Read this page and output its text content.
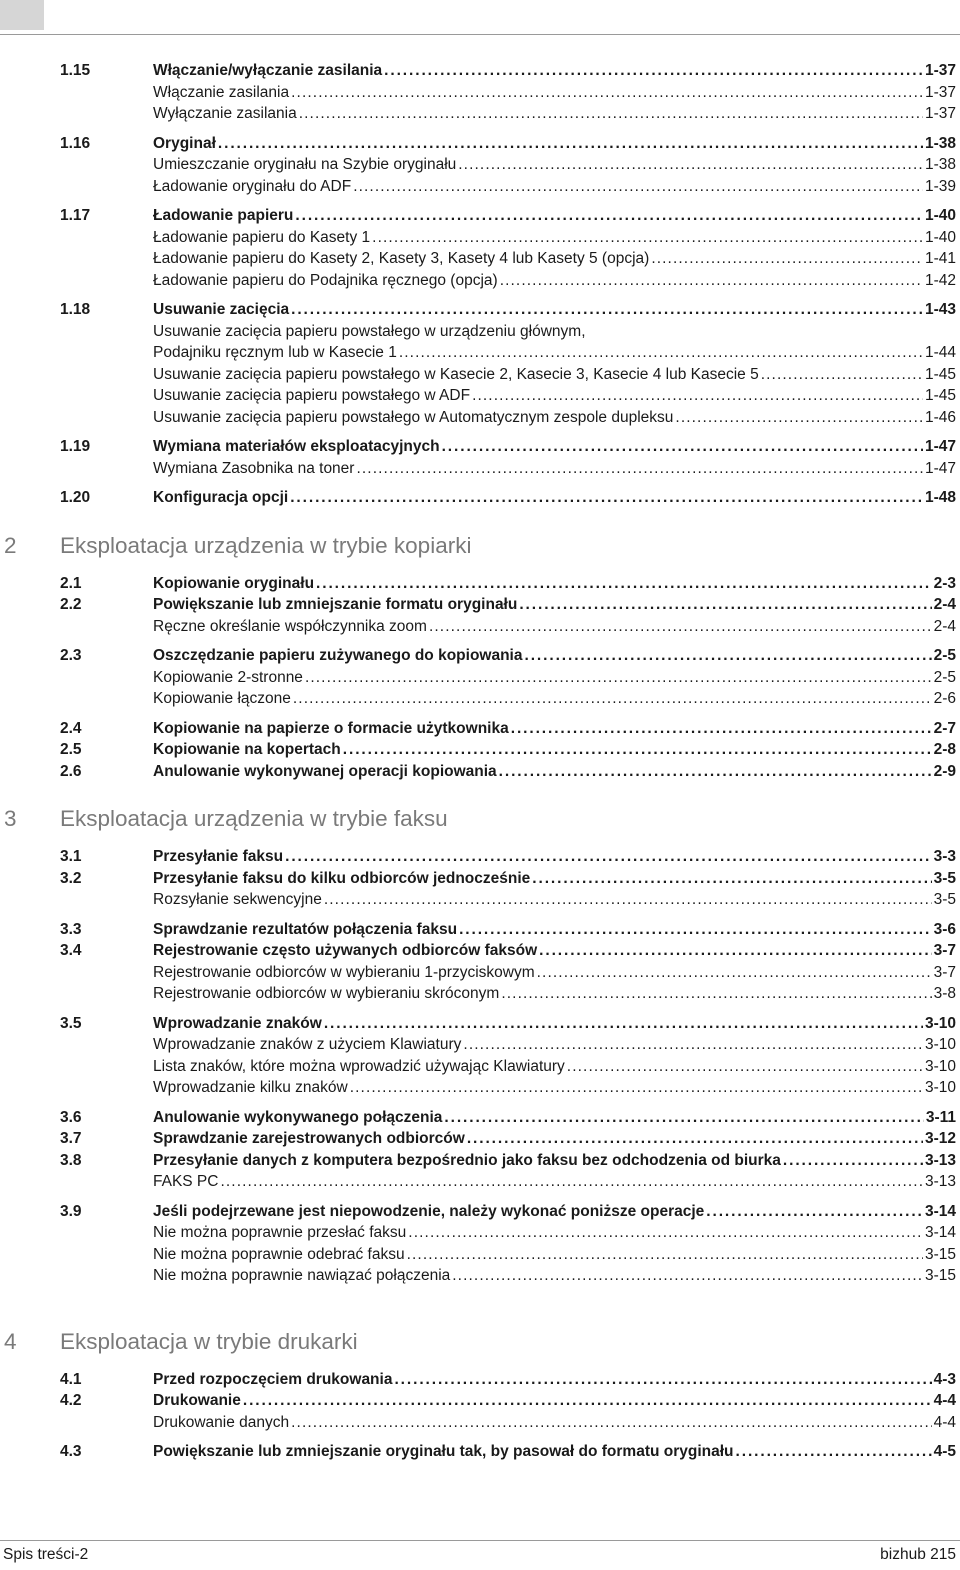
1.15	Włączanie/wyłączanie zasilania . . .	1-37
Włączanie zasilania . . .	1-37
Wyłączanie zasilania . . .	1-37
1.16	Oryginał . . .	1-38
Umieszczanie oryginału na Szybie oryginału . . .	1-38
Ładowanie oryginału do ADF . . .	1-39
1.17	Ładowanie papieru . . .	1-40
Ładowanie papieru do Kasety 1 . . .	1-40
Ładowanie papieru do Kasety 2, Kasety 3, Kasety 4 lub Kasety 5 (opcja) . . .	1-41
Ładowanie papieru do Podajnika ręcznego (opcja) . . .	1-42
1.18	Usuwanie zacięcia . . .	1-43
Usuwanie zacięcia papieru powstałego w urządzeniu głównym,
Podajniku ręcznym lub w Kasecie 1 . . .	1-44
Usuwanie zacięcia papieru powstałego w Kasecie 2, Kasecie 3, Kasecie 4 lub Kasecie 5 . . .	1-45
Usuwanie zacięcia papieru powstałego w ADF . . .	1-45
Usuwanie zacięcia papieru powstałego w Automatycznym zespole dupleksu . . .	1-46
1.19	Wymiana materiałów eksploatacyjnych . . .	1-47
Wymiana Zasobnika na toner . . .	1-47
1.20	Konfiguracja opcji . . .	1-48
2 Eksploatacja urządzenia w trybie kopiarki
2.1	Kopiowanie oryginału . . .	2-3
2.2	Powiększanie lub zmniejszanie formatu oryginału . . .	2-4
Ręczne określanie współczynnika zoom . . .	2-4
2.3	Oszczędzanie papieru zużywanego do kopiowania . . .	2-5
Kopiowanie 2-stronne . . .	2-5
Kopiowanie łączone . . .	2-6
2.4	Kopiowanie na papierze o formacie użytkownika . . .	2-7
2.5	Kopiowanie na kopertach . . .	2-8
2.6	Anulowanie wykonywanej operacji kopiowania . . .	2-9
3 Eksploatacja urządzenia w trybie faksu
3.1	Przesyłanie faksu . . .	3-3
3.2	Przesyłanie faksu do kilku odbiorców jednocześnie . . .	3-5
Rozsyłanie sekwencyjne . . .	3-5
3.3	Sprawdzanie rezultatów połączenia faksu . . .	3-6
3.4	Rejestrowanie często używanych odbiorców faksów . . .	3-7
Rejestrowanie odbiorców w wybieraniu 1-przyciskowym . . .	3-7
Rejestrowanie odbiorców w wybieraniu skróconym . . .	3-8
3.5	Wprowadzanie znaków . . .	3-10
Wprowadzanie znaków z użyciem Klawiatury . . .	3-10
Lista znaków, które można wprowadzić używając Klawiatury . . .	3-10
Wprowadzanie kilku znaków . . .	3-10
3.6	Anulowanie wykonywanego połączenia . . .	3-11
3.7	Sprawdzanie zarejestrowanych odbiorców . . .	3-12
3.8	Przesyłanie danych z komputera bezpośrednio jako faksu bez odchodzenia od biurka . . .	3-13
FAKS PC . . .	3-13
3.9	Jeśli podejrzewane jest niepowodzenie, należy wykonać poniższe operacje . . .	3-14
Nie można poprawnie przesłać faksu . . .	3-14
Nie można poprawnie odebrać faksu . . .	3-15
Nie można poprawnie nawiązać połączenia . . .	3-15
4 Eksploatacja w trybie drukarki
4.1	Przed rozpoczęciem drukowania . . .	4-3
4.2	Drukowanie . . .	4-4
Drukowanie danych . . .	4-4
4.3	Powiększanie lub zmniejszanie oryginału tak, by pasował do formatu oryginału . . .	4-5
Spis treści-2	bizhub 215
